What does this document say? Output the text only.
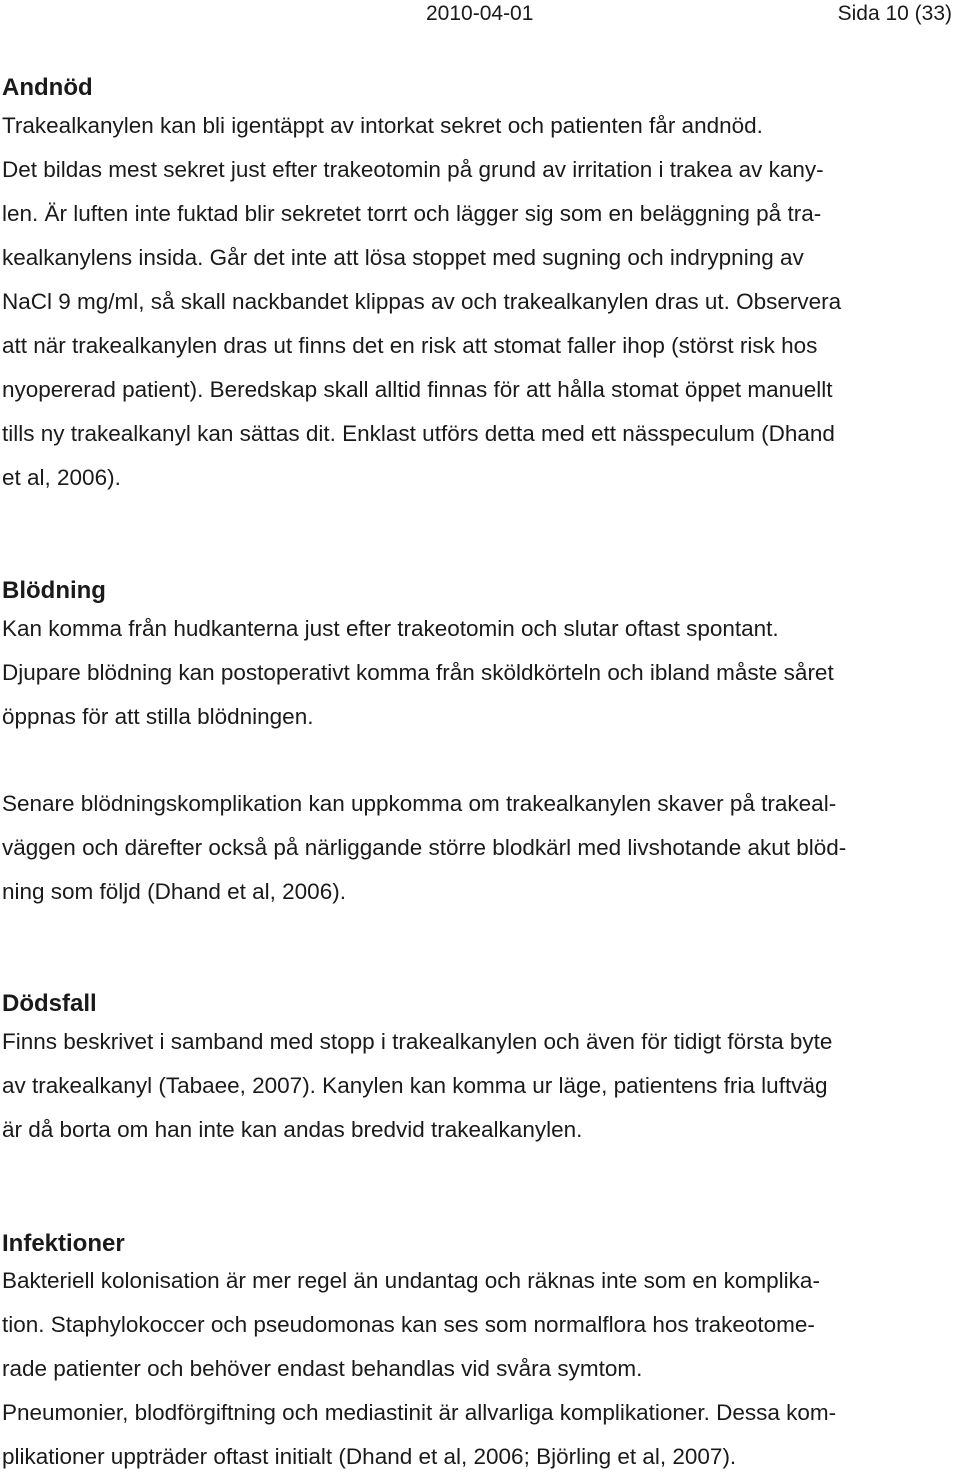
2010-04-01	Sida 10 (33)
Andnöd
Trakealkanylen kan bli igentäppt av intorkat sekret och patienten får andnöd.
Det bildas mest sekret just efter trakeotomin på grund av irritation i trakea av kany-
len. Är luften inte fuktad blir sekretet torrt och lägger sig som en beläggning på tra-
kealkanylens insida. Går det inte att lösa stoppet med sugning och indrypning av
NaCl 9 mg/ml, så skall nackbandet klippas av och trakealkanylen dras ut. Observera
att när trakealkanylen dras ut finns det en risk att stomat faller ihop (störst risk hos
nyopererad patient). Beredskap skall alltid finnas för att hålla stomat öppet manuellt
tills ny trakealkanyl kan sättas dit. Enklast utförs detta med ett nässpeculum (Dhand
et al, 2006).
Blödning
Kan komma från hudkanterna just efter trakeotomin och slutar oftast spontant.
Djupare blödning kan postoperativt komma från sköldkörteln och ibland måste såret
öppnas för att stilla blödningen.
Senare blödningskomplikation kan uppkomma om trakealkanylen skaver på trakeal-
väggen och därefter också på närliggande större blodkärl med livshotande akut blöd-
ning som följd (Dhand et al, 2006).
Dödsfall
Finns beskrivet i samband med stopp i trakealkanylen och även för tidigt första byte
av trakealkanyl (Tabaee, 2007). Kanylen kan komma ur läge, patientens fria luftväg
är då borta om han inte kan andas bredvid trakealkanylen.
Infektioner
Bakteriell kolonisation är mer regel än undantag och räknas inte som en komplika-
tion. Staphylokoccer och pseudomonas kan ses som normalflora hos trakeotome-
rade patienter och behöver endast behandlas vid svåra symtom.
Pneumonier, blodförgiftning och mediastinit är allvarliga komplikationer. Dessa kom-
plikationer uppträder oftast initialt (Dhand et al, 2006; Björling et al, 2007).
